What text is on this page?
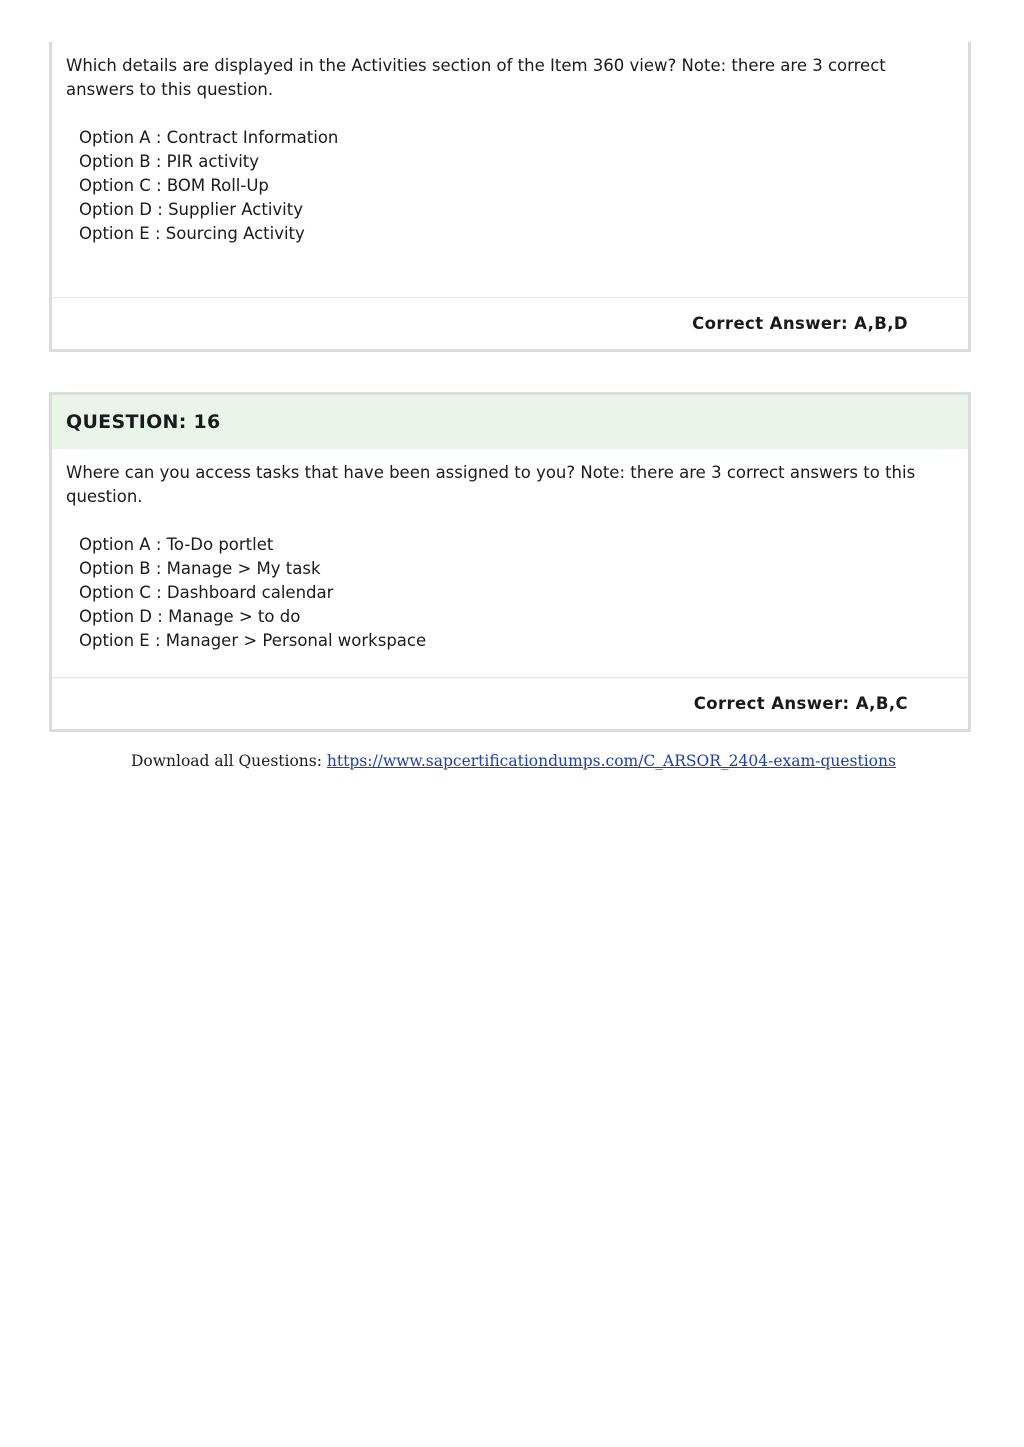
Which details are displayed in the Activities section of the Item 360 view? Note: there are 3 correct answers to this question.

Option A : Contract Information
Option B : PIR activity
Option C : BOM Roll-Up
Option D : Supplier Activity
Option E : Sourcing Activity
Correct Answer: A,B,D
QUESTION: 16

Where can you access tasks that have been assigned to you? Note: there are 3 correct answers to this question.

Option A : To-Do portlet
Option B : Manage > My task
Option C : Dashboard calendar
Option D : Manage > to do
Option E : Manager > Personal workspace
Correct Answer: A,B,C
Download all Questions: https://www.sapcertificationdumps.com/C_ARSOR_2404-exam-questions
